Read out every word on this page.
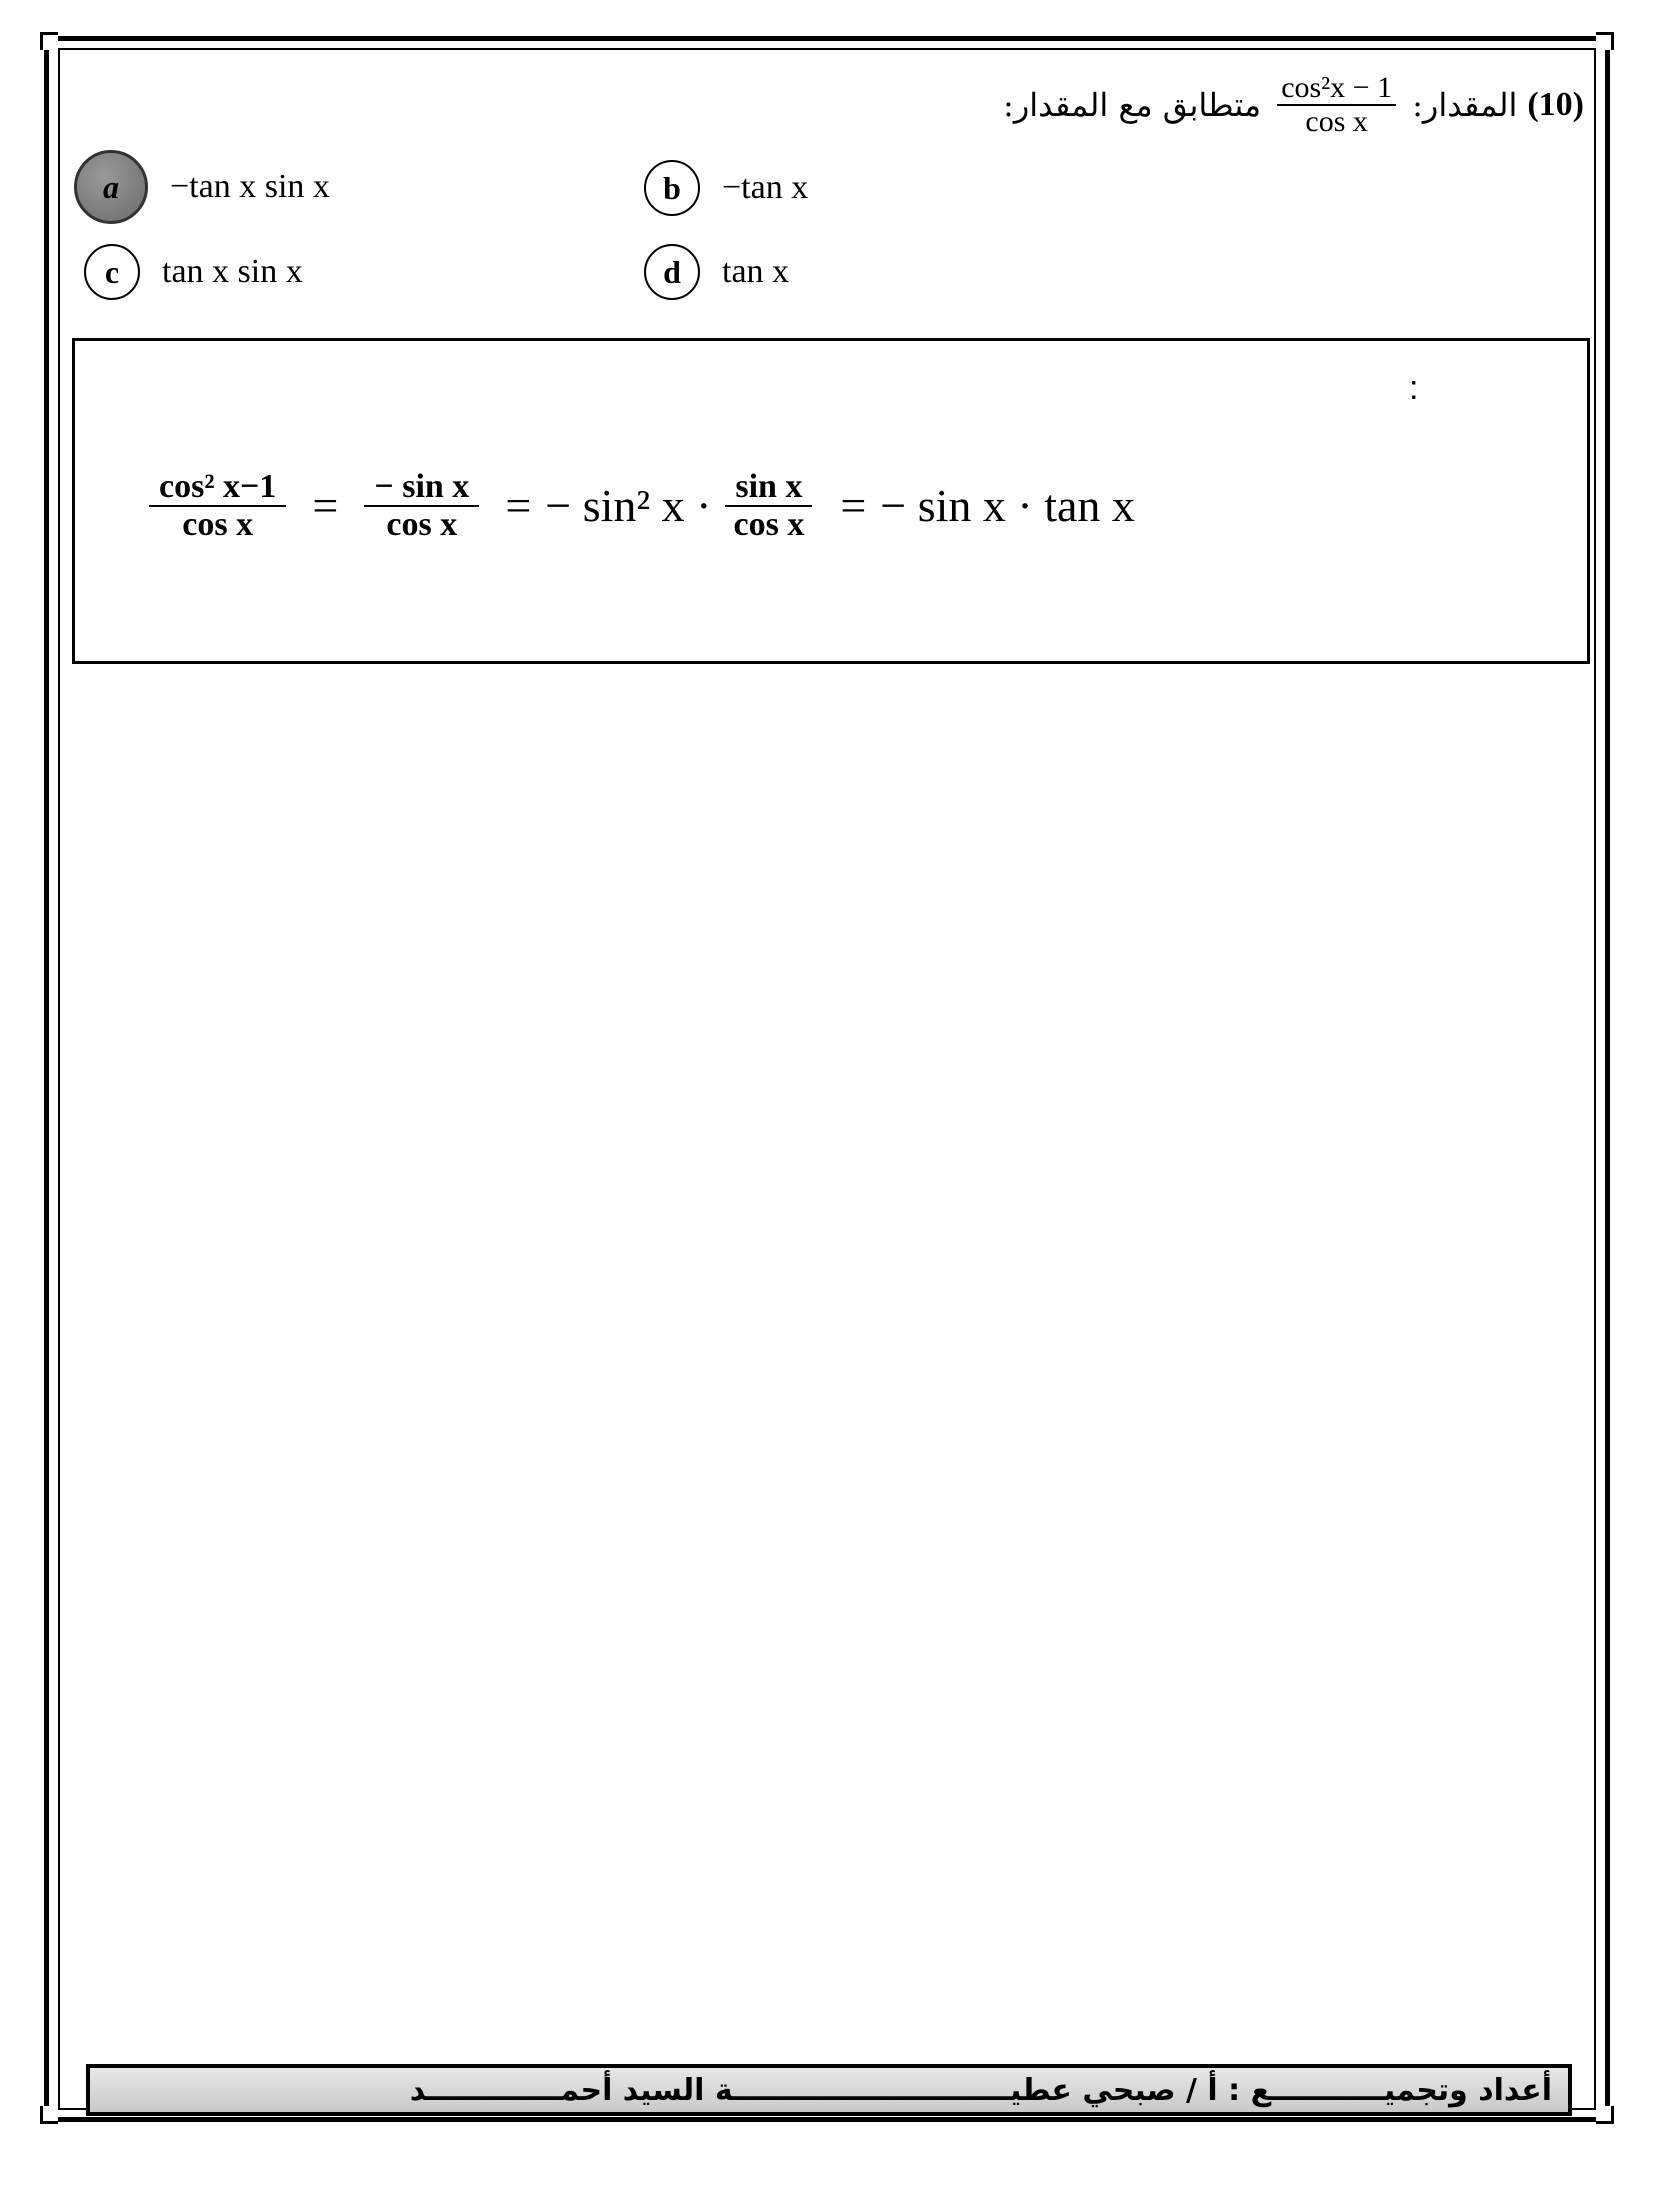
(10)
المقدار:
$\frac{\text{cos²x − 1}}{\text{cos x}}$
متطابق مع المقدار:
a	−tan x sin x	b	−tan x
c	tan x sin x	d	tan x
:
$\frac{\text{cos² x−1}}{\text{cos x}} = \frac{\text{− sin x}}{\text{cos x}}$ = − sin² $x \cdot \frac{\text{sin x}}{\text{cos x}}$ = − sin x · tan x
أعداد وتجميـــــــــــع : أ / صبحي عطيـــــــــــــــــــــــــــة السيد أحمـــــــــــــد
